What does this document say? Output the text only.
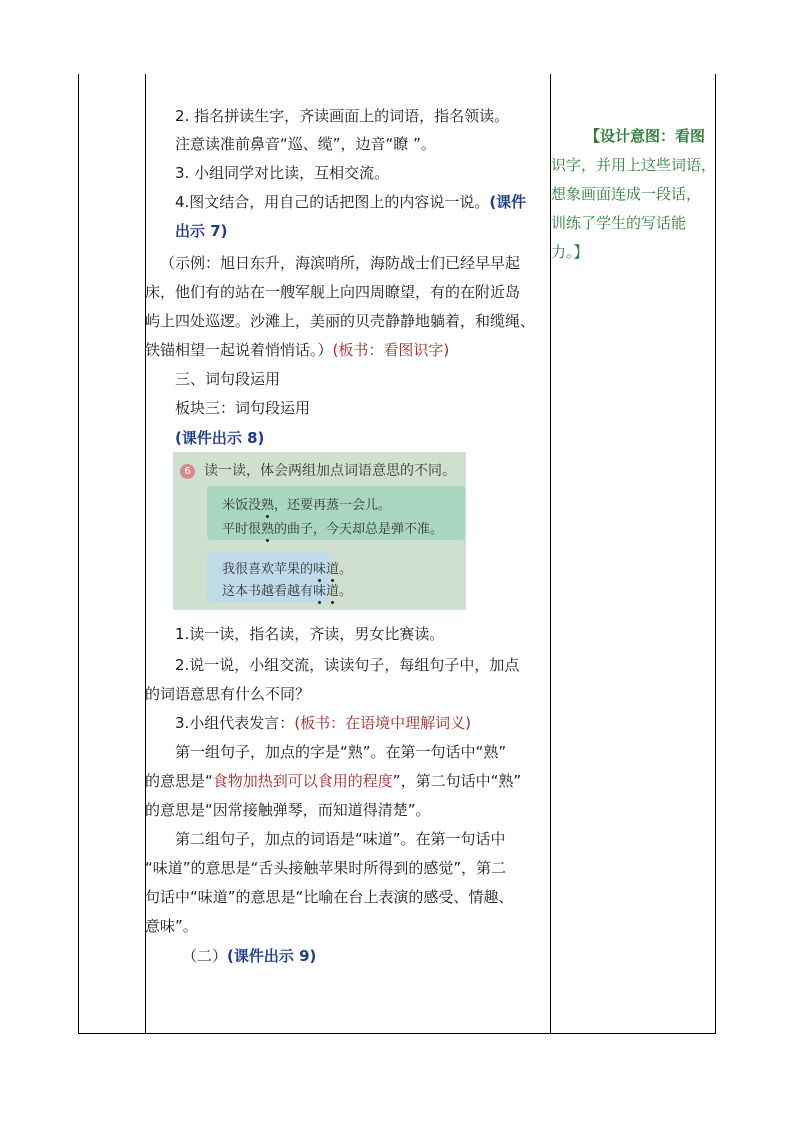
2. 指名拼读生字，齐读画面上的词语，指名领读。
注意读准前鼻音“巡、缆”，边音“瞭 ”。
3. 小组同学对比读，互相交流。
4.图文结合，用自己的话把图上的内容说一说。(课件
出示 7)
（示例：旭日东升，海滨哨所，海防战士们已经早早起
床，他们有的站在一艘军舰上向四周瞭望，有的在附近岛
屿上四处巡逻。沙滩上，美丽的贝壳静静地躺着，和缆绳、
铁锚相望一起说着悄悄话。）(板书：看图识字)
三、词句段运用
板块三：词句段运用
(课件出示 8)
6 读一读，体会两组加点词语意思的不同。
米饭没熟，还要再蒸一会儿。
平时很熟的曲子，今天却总是弹不准。
我很喜欢苹果的味道。
这本书越看越有味道。
1.读一读，指名读，齐读，男女比赛读。
2.说一说，小组交流，读读句子，每组句子中，加点
的词语意思有什么不同？
3.小组代表发言：(板书：在语境中理解词义)
第一组句子，加点的字是“熟”。在第一句话中“熟”
的意思是“食物加热到可以食用的程度”，第二句话中“熟”
的意思是“因常接触弹琴，而知道得清楚”。
第二组句子，加点的词语是“味道”。在第一句话中
“味道”的意思是“舌头接触苹果时所得到的感觉”，第二
句话中“味道”的意思是“比喻在台上表演的感受、情趣、
意味”。
（二）(课件出示 9)
【设计意图：看图
识字，并用上这些词语，
想象画面连成一段话，
训练了学生的写话能
力。】
